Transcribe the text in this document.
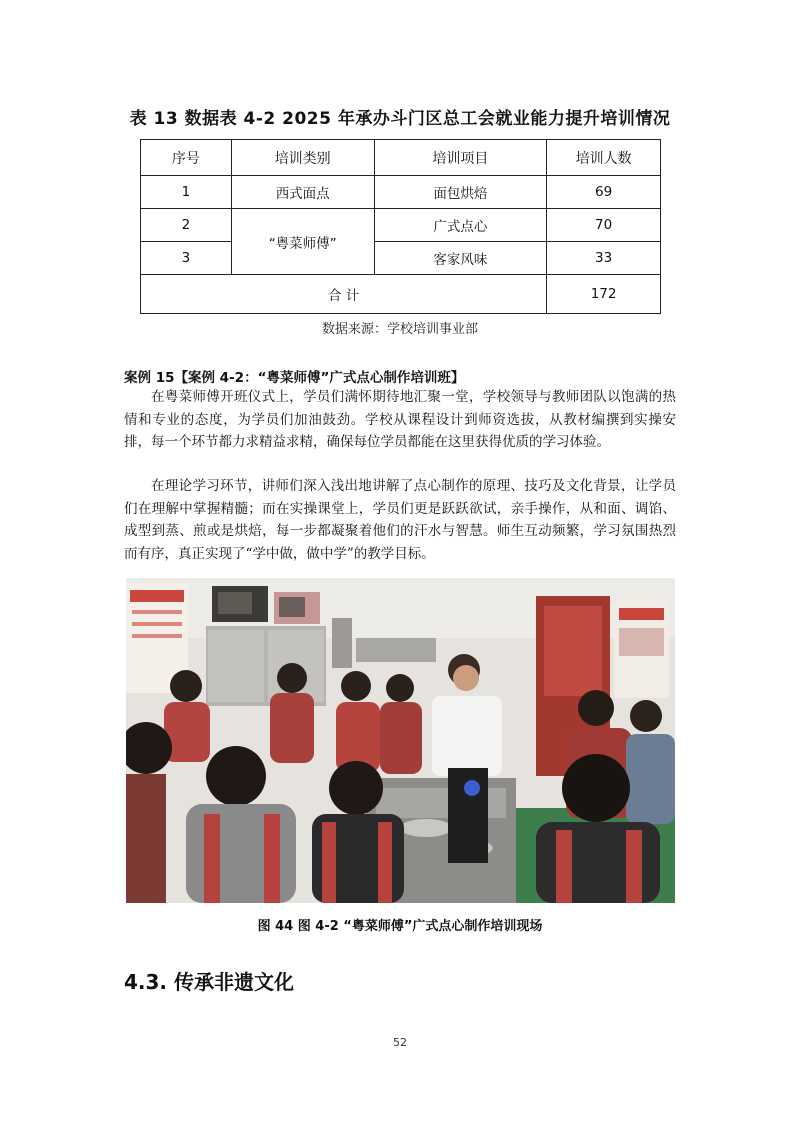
表 13 数据表 4-2 2025 年承办斗门区总工会就业能力提升培训情况
序号	培训类别	培训项目	培训人数
1	西式面点	面包烘焙	69
2	“粤菜师傅”	广式点心	70
3		客家风味	33
合 计			172
数据来源：学校培训事业部
案例 15【案例 4-2：“粤菜师傅”广式点心制作培训班】

在粤菜师傅开班仪式上，学员们满怀期待地汇聚一堂，学校领导与教师团队以饱满的热情和专业的态度，为学员们加油鼓劲。学校从课程设计到师资选拔，从教材编撰到实操安排，每一个环节都力求精益求精，确保每位学员都能在这里获得优质的学习体验。

在理论学习环节，讲师们深入浅出地讲解了点心制作的原理、技巧及文化背景，让学员们在理解中掌握精髓；而在实操课堂上，学员们更是跃跃欲试，亲手操作，从和面、调馅、成型到蒸、煎或是烘焙，每一步都凝聚着他们的汗水与智慧。师生互动频繁，学习氛围热烈而有序，真正实现了“学中做，做中学”的教学目标。

图 44 图 4-2 “粤菜师傅”广式点心制作培训现场
4.3. 传承非遗文化
52
